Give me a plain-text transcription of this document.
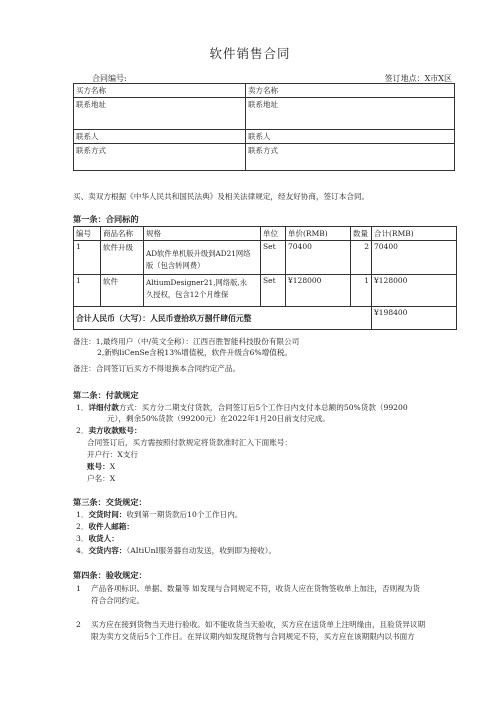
软件销售合同
合同编号:	签订地点：X市X区
买方名称	卖方名称
联系地址	联系地址
联系人	联系人
联系方式	联系方式
买、卖双方根据《中华人民共和国民法典》及相关法律规定，经友好协商，签订本合同。
第一条：合同标的
编号	商品名称	规格	单位	单价(RMB)	数量	合计(RMB)
1	软件升级	AD软件单机版升级到AD21网络
版（包含转网费）	Set	70400	2	70400
1	软件	AltiumDesigner21,网络版,永
久授权，包含12个月维保	Set	¥128000	1	¥128000
合计人民币（大写）：人民币壹拾玖万捌仟肆佰元整						¥198400
备注：1,最终用户（中/英文全称）：江西百胜智能科技股份有限公司
2,新购liCenSe含税13%增值税，软件升级含6%增值税。
备注：合同签订后买方不得退换本合同约定产品。
第二条：付款规定
1．详细付款方式：买方分二期支付货款，合同签订后5个工作日内支付本总额的50%货款（99200
元），剩余50%货款（99200元）在2022年1月20日前支付完成。
2．卖方收款账号：
合同签订后，买方需按照付款规定将货款准时汇入下面账号：
开户行：X支行
账号：X
户名：X
第三条：交货规定：
1．交货时间：收到第一期货款后10个工作日内。
2．收件人邮箱：
3．收货人：
4．交货内容：（AItiUnI服务器自动发送，收到即为接收）。
第四条：验收规定：
1 产品各项标识、单据、数量等 如发现与合同规定不符，收货人应在货物签收单上加注，否则视为货
符合合同约定。
2 买方应在接到货物当天进行验收。如不能收货当天验收，买方应在送货单上注明缘由，且验货异议期
限为卖方交货后5个工作日。在异议期内如发现货物与合同规定不符，买方应在该期限内以书面方
